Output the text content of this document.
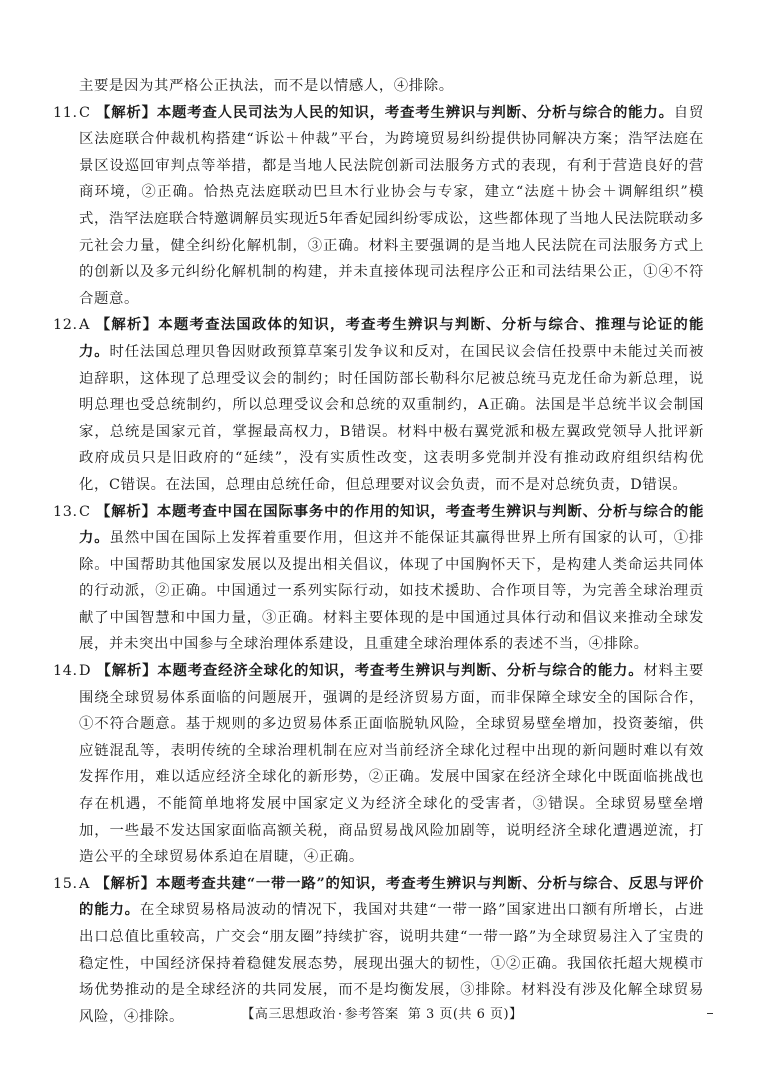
主要是因为其严格公正执法，而不是以情感人，④排除。

11. C 【解析】本题考查人民司法为人民的知识，考查考生辨识与判断、分析与综合的能力。自贸区法庭联合仲裁机构搭建“诉讼＋仲裁”平台，为跨境贸易纠纷提供协同解决方案；浩罕法庭在景区设巡回审判点等举措，都是当地人民法院创新司法服务方式的表现，有利于营造良好的营商环境，②正确。恰热克法庭联动巴旦木行业协会与专家，建立“法庭＋协会＋调解组织”模式，浩罕法庭联合特邀调解员实现近5年香妃园纠纷零成讼，这些都体现了当地人民法院联动多元社会力量，健全纠纷化解机制，③正确。材料主要强调的是当地人民法院在司法服务方式上的创新以及多元纠纷化解机制的构建，并未直接体现司法程序公正和司法结果公正，①④不符合题意。

12. A 【解析】本题考查法国政体的知识，考查考生辨识与判断、分析与综合、推理与论证的能力。时任法国总理贝鲁因财政预算草案引发争议和反对，在国民议会信任投票中未能过关而被迫辞职，这体现了总理受议会的制约；时任国防部长勒科尔尼被总统马克龙任命为新总理，说明总理也受总统制约，所以总理受议会和总统的双重制约，A正确。法国是半总统半议会制国家，总统是国家元首，掌握最高权力，B错误。材料中极右翼党派和极左翼政党领导人批评新政府成员只是旧政府的“延续”，没有实质性改变，这表明多党制并没有推动政府组织结构优化，C错误。在法国，总理由总统任命，但总理要对议会负责，而不是对总统负责，D错误。

13. C 【解析】本题考查中国在国际事务中的作用的知识，考查考生辨识与判断、分析与综合的能力。虽然中国在国际上发挥着重要作用，但这并不能保证其赢得世界上所有国家的认可，①排除。中国帮助其他国家发展以及提出相关倡议，体现了中国胸怀天下，是构建人类命运共同体的行动派，②正确。中国通过一系列实际行动，如技术援助、合作项目等，为完善全球治理贡献了中国智慧和中国力量，③正确。材料主要体现的是中国通过具体行动和倡议来推动全球发展，并未突出中国参与全球治理体系建设，且重建全球治理体系的表述不当，④排除。

14. D 【解析】本题考查经济全球化的知识，考查考生辨识与判断、分析与综合的能力。材料主要围绕全球贸易体系面临的问题展开，强调的是经济贸易方面，而非保障全球安全的国际合作，①不符合题意。基于规则的多边贸易体系正面临脱轨风险，全球贸易壁垒增加，投资萎缩，供应链混乱等，表明传统的全球治理机制在应对当前经济全球化过程中出现的新问题时难以有效发挥作用，难以适应经济全球化的新形势，②正确。发展中国家在经济全球化中既面临挑战也存在机遇，不能简单地将发展中国家定义为经济全球化的受害者，③错误。全球贸易壁垒增加，一些最不发达国家面临高额关税，商品贸易战风险加剧等，说明经济全球化遭遇逆流，打造公平的全球贸易体系迫在眉睫，④正确。

15. A 【解析】本题考查共建“一带一路”的知识，考查考生辨识与判断、分析与综合、反思与评价的能力。在全球贸易格局波动的情况下，我国对共建“一带一路”国家进出口额有所增长，占进出口总值比重较高，广交会“朋友圈”持续扩容，说明共建“一带一路”为全球贸易注入了宝贵的稳定性，中国经济保持着稳健发展态势，展现出强大的韧性，①②正确。我国依托超大规模市场优势推动的是全球经济的共同发展，而不是均衡发展，③排除。材料没有涉及化解全球贸易风险，④排除。	【高三思想政治 · 参考答案 第 3 页(共 6 页)】
